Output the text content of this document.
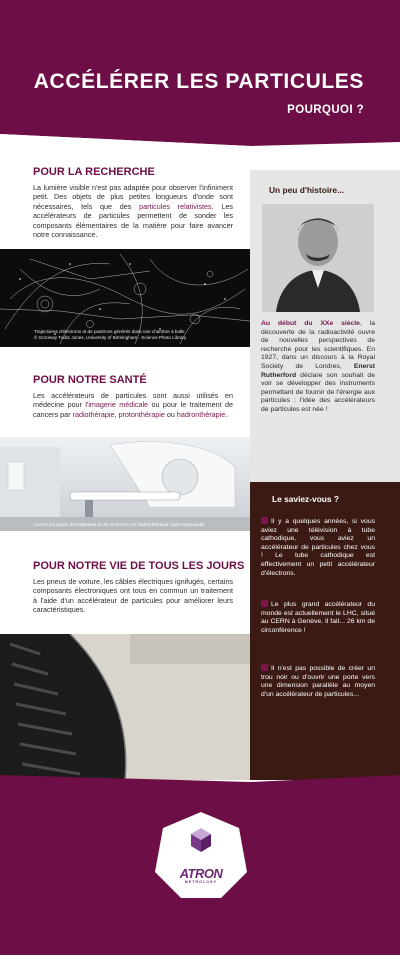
ACCÉLÉRER LES PARTICULES
POURQUOI ?
POUR LA RECHERCHE
La lumière visible n'est pas adaptée pour observer l'infiniment petit. Des objets de plus petites longueurs d'onde sont nécessaires, tels que des particules relativistes. Les accélérateurs de particules permettent de sonder les composants élémentaires de la matière pour faire avancer notre connaissance.
Trajectoires d'électrons et de positrons générés dans une chambre à bulle
© Goronwy Tudor Jones, University of Birmingham - Science Photo Library
POUR NOTRE SANTÉ
Les accélérateurs de particules sont aussi utilisés en médecine pour l'imagerie médicale ou pour le traitement de cancers par radiothérapie, protonthérapie ou hadronthérapie.
Centre européen de traitement et de recherche en hadronthérapie Caen-Normandie
POUR NOTRE VIE DE TOUS LES JOURS
Les pneus de voiture, les câbles électriques ignifugés, certains composants électroniques ont tous en commun un traitement à l'aide d'un accélérateur de particules pour améliorer leurs caractéristiques.
Un peu d'histoire...
Au début du XXe siècle, la découverte de la radioactivité ouvre de nouvelles perspectives de recherche pour les scientifiques. En 1927, dans un discours à la Royal Society de Londres, Enerst Rutherford déclare son souhait de voir se développer des instruments permettant de fournir de l'énergie aux particules : l'idée des accélérateurs de particules est née !
Le saviez-vous ?
Il y a quelques années, si vous aviez une télévision à tube cathodique, vous aviez un accélérateur de particules chez vous ! Le tube cathodique est effectivement un petit accélérateur d'électrons.
Le plus grand accélérateur du monde est actuellement le LHC, situé au CERN à Genève. Il fait... 26 km de circonférence !
Il n'est pas possible de créer un trou noir ou d'ouvrir une porte vers une dimension parallèle au moyen d'un accélérateur de particules...
ATRON
METROLOGY
